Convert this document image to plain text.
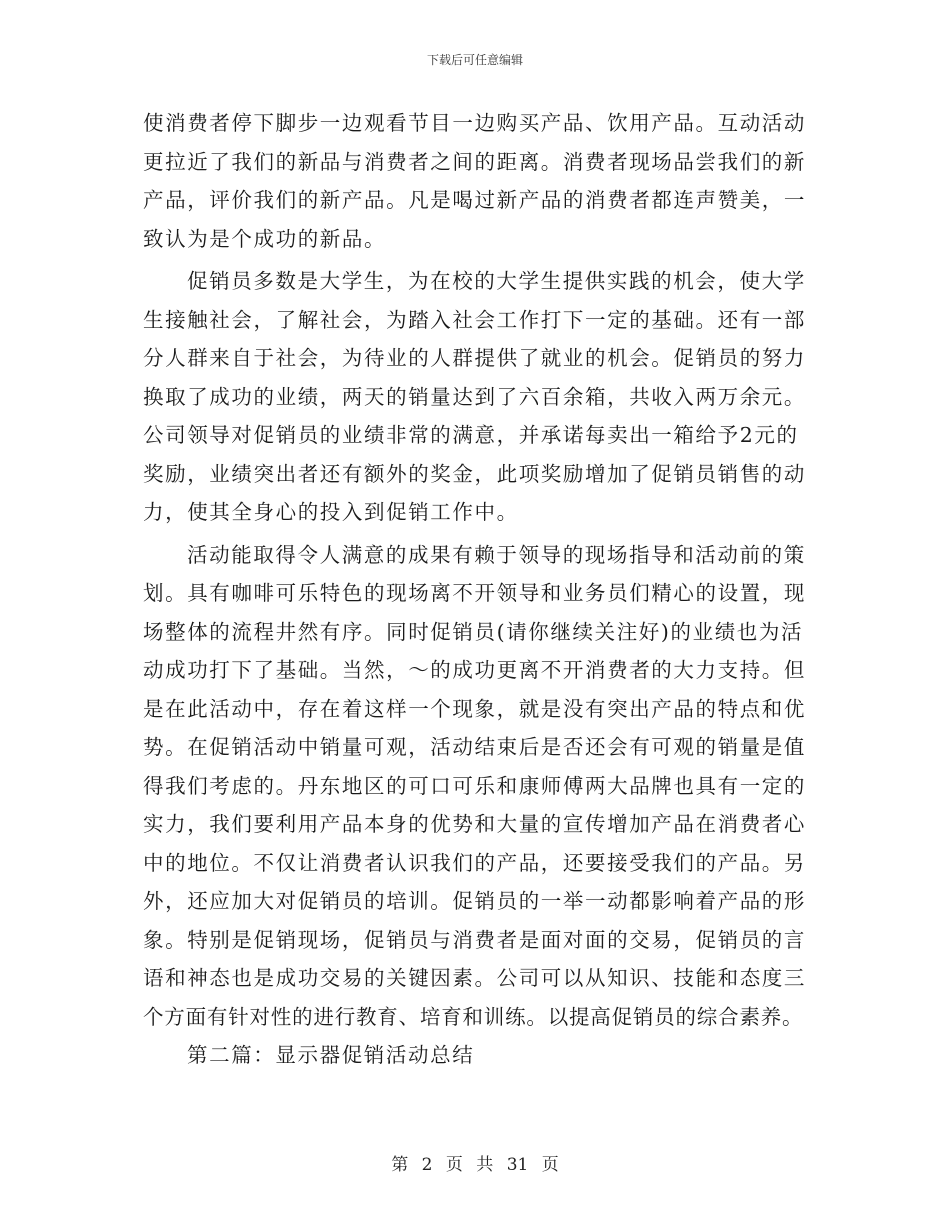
下载后可任意编辑
使消费者停下脚步一边观看节目一边购买产品、饮用产品。互动活动
更拉近了我们的新品与消费者之间的距离。消费者现场品尝我们的新
产品，评价我们的新产品。凡是喝过新产品的消费者都连声赞美，一
致认为是个成功的新品。
促销员多数是大学生，为在校的大学生提供实践的机会，使大学
生接触社会，了解社会，为踏入社会工作打下一定的基础。还有一部
分人群来自于社会，为待业的人群提供了就业的机会。促销员的努力
换取了成功的业绩，两天的销量达到了六百余箱，共收入两万余元。
公司领导对促销员的业绩非常的满意，并承诺每卖出一箱给予2元的
奖励，业绩突出者还有额外的奖金，此项奖励增加了促销员销售的动
力，使其全身心的投入到促销工作中。
活动能取得令人满意的成果有赖于领导的现场指导和活动前的策
划。具有咖啡可乐特色的现场离不开领导和业务员们精心的设置，现
场整体的流程井然有序。同时促销员(请你继续关注好)的业绩也为活
动成功打下了基础。当然，～的成功更离不开消费者的大力支持。但
是在此活动中，存在着这样一个现象，就是没有突出产品的特点和优
势。在促销活动中销量可观，活动结束后是否还会有可观的销量是值
得我们考虑的。丹东地区的可口可乐和康师傅两大品牌也具有一定的
实力，我们要利用产品本身的优势和大量的宣传增加产品在消费者心
中的地位。不仅让消费者认识我们的产品，还要接受我们的产品。另
外，还应加大对促销员的培训。促销员的一举一动都影响着产品的形
象。特别是促销现场，促销员与消费者是面对面的交易，促销员的言
语和神态也是成功交易的关键因素。公司可以从知识、技能和态度三
个方面有针对性的进行教育、培育和训练。以提高促销员的综合素养。
第二篇：显示器促销活动总结
第 2 页 共 31 页
